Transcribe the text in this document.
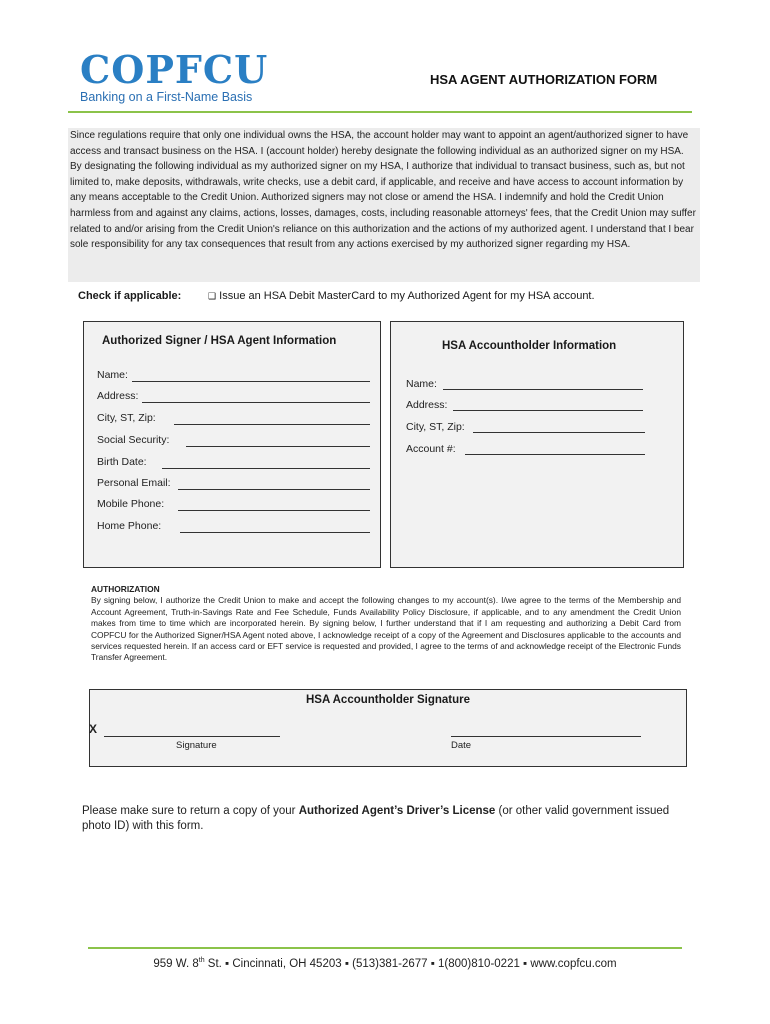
COPFCU
Banking on a First-Name Basis
HSA AGENT AUTHORIZATION FORM
Since regulations require that only one individual owns the HSA, the account holder may want to appoint an agent/authorized signer to have access and transact business on the HSA. I (account holder) hereby designate the following individual as an authorized signer on my HSA. By designating the following individual as my authorized signer on my HSA, I authorize that individual to transact business, such as, but not limited to, make deposits, withdrawals, write checks, use a debit card, if applicable, and receive and have access to account information by any means acceptable to the Credit Union. Authorized signers may not close or amend the HSA. I indemnify and hold the Credit Union harmless from and against any claims, actions, losses, damages, costs, including reasonable attorneys' fees, that the Credit Union may suffer related to and/or arising from the Credit Union's reliance on this authorization and the actions of my authorized agent. I understand that I bear sole responsibility for any tax consequences that result from any actions exercised by my authorized signer regarding my HSA.
Check if applicable:	❑ Issue an HSA Debit MasterCard to my Authorized Agent for my HSA account.
Authorized Signer / HSA Agent Information
Name:
Address:
City, ST, Zip:
Social Security:
Birth Date:
Personal Email:
Mobile Phone:
Home Phone:
HSA Accountholder Information
Name:
Address:
City, ST, Zip:
Account #:
AUTHORIZATION
By signing below, I authorize the Credit Union to make and accept the following changes to my account(s). I/we agree to the terms of the Membership and Account Agreement, Truth-in-Savings Rate and Fee Schedule, Funds Availability Policy Disclosure, if applicable, and to any amendment the Credit Union makes from time to time which are incorporated herein. By signing below, I further understand that if I am requesting and authorizing a Debit Card from COPFCU for the Authorized Signer/HSA Agent noted above, I acknowledge receipt of a copy of the Agreement and Disclosures applicable to the accounts and services requested herein. If an access card or EFT service is requested and provided, I agree to the terms of and acknowledge receipt of the Electronic Funds Transfer Agreement.
HSA Accountholder Signature
X
Signature	Date
Please make sure to return a copy of your Authorized Agent’s Driver’s License (or other valid government issued photo ID) with this form.
959 W. 8th St. ▪ Cincinnati, OH 45203 ▪ (513)381-2677 ▪ 1(800)810-0221 ▪ www.copfcu.com
